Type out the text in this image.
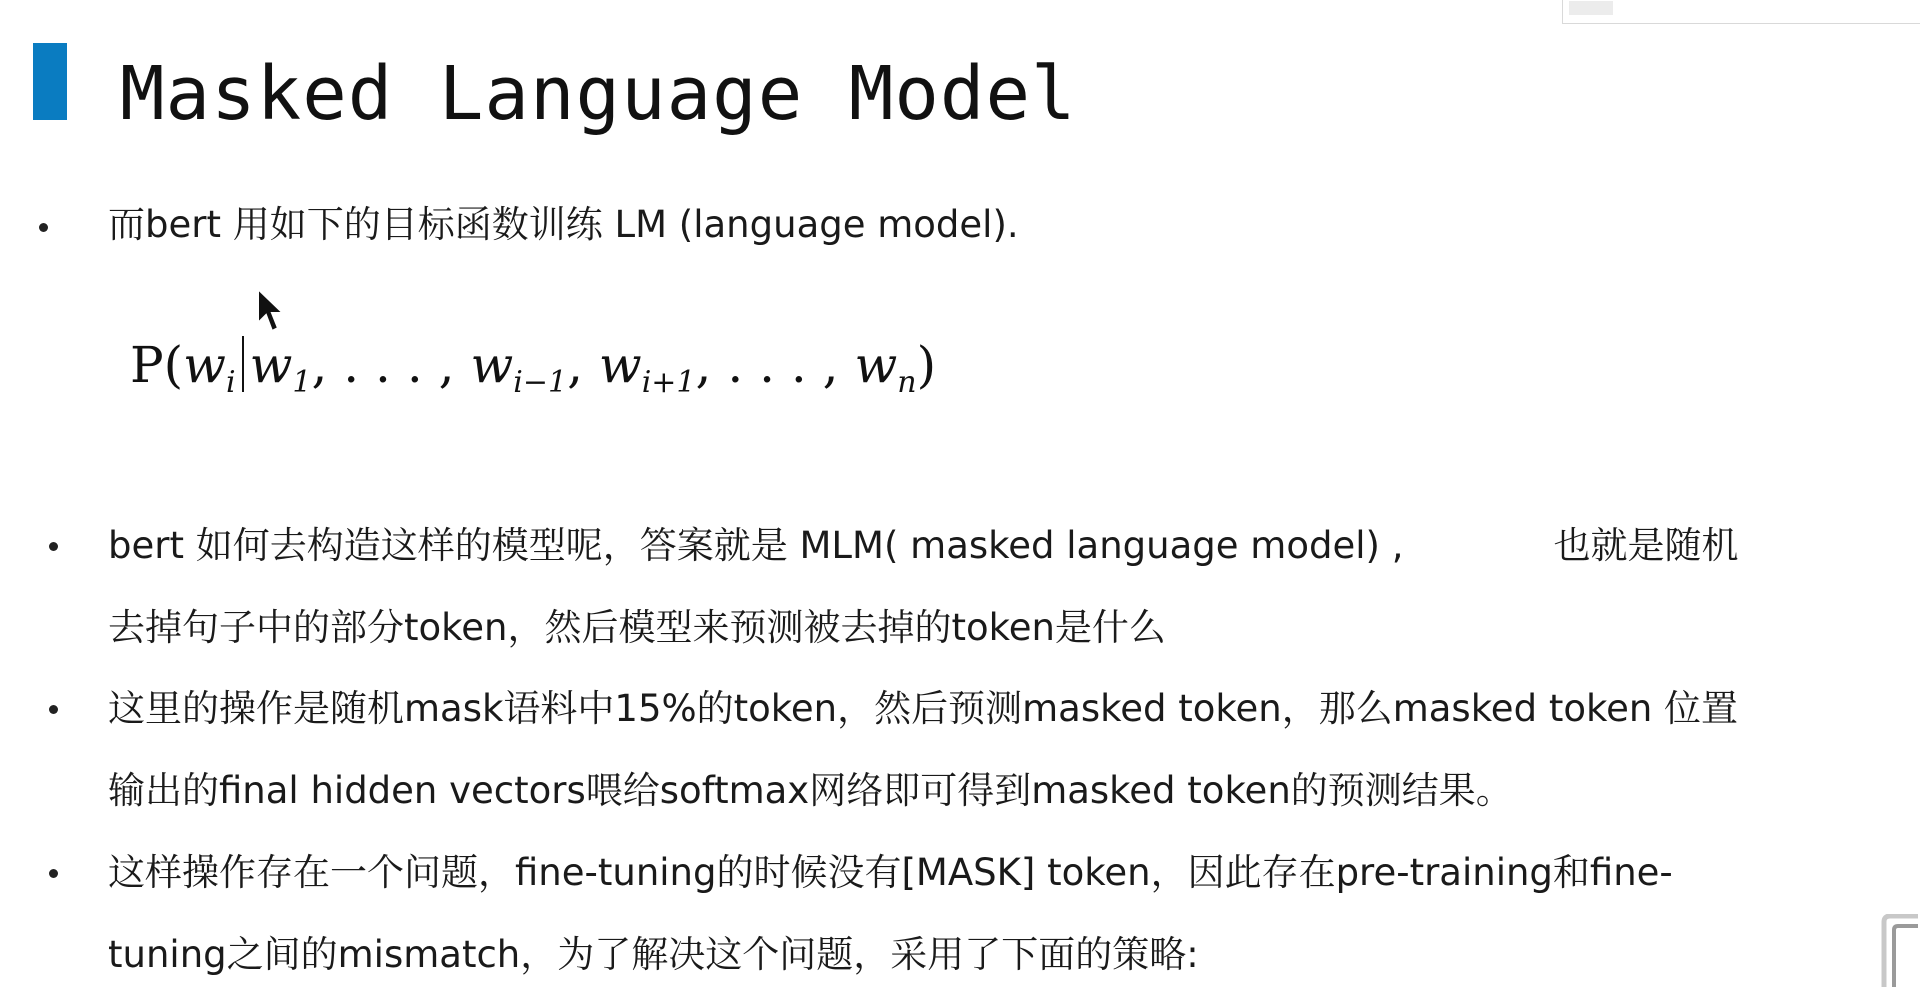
Masked Language Model

而bert 用如下的目标函数训练 LM (language model).

$P(w_i$ $w_1$, . . . , $w_{i-1}$, $w_{i+1}$, . . . , $w_n$)

bert 如何去构造这样的模型呢，答案就是 MLM( masked language model) ,	也就是随机

去掉句子中的部分token，然后模型来预测被去掉的token是什么

这里的操作是随机mask语料中15%的token，然后预测masked token，那么masked token 位置

输出的final hidden vectors喂给softmax网络即可得到masked token的预测结果。

这样操作存在一个问题，fine-tuning的时候没有[MASK] token，因此存在pre-training和fine-

tuning之间的mismatch，为了解决这个问题，采用了下面的策略:
